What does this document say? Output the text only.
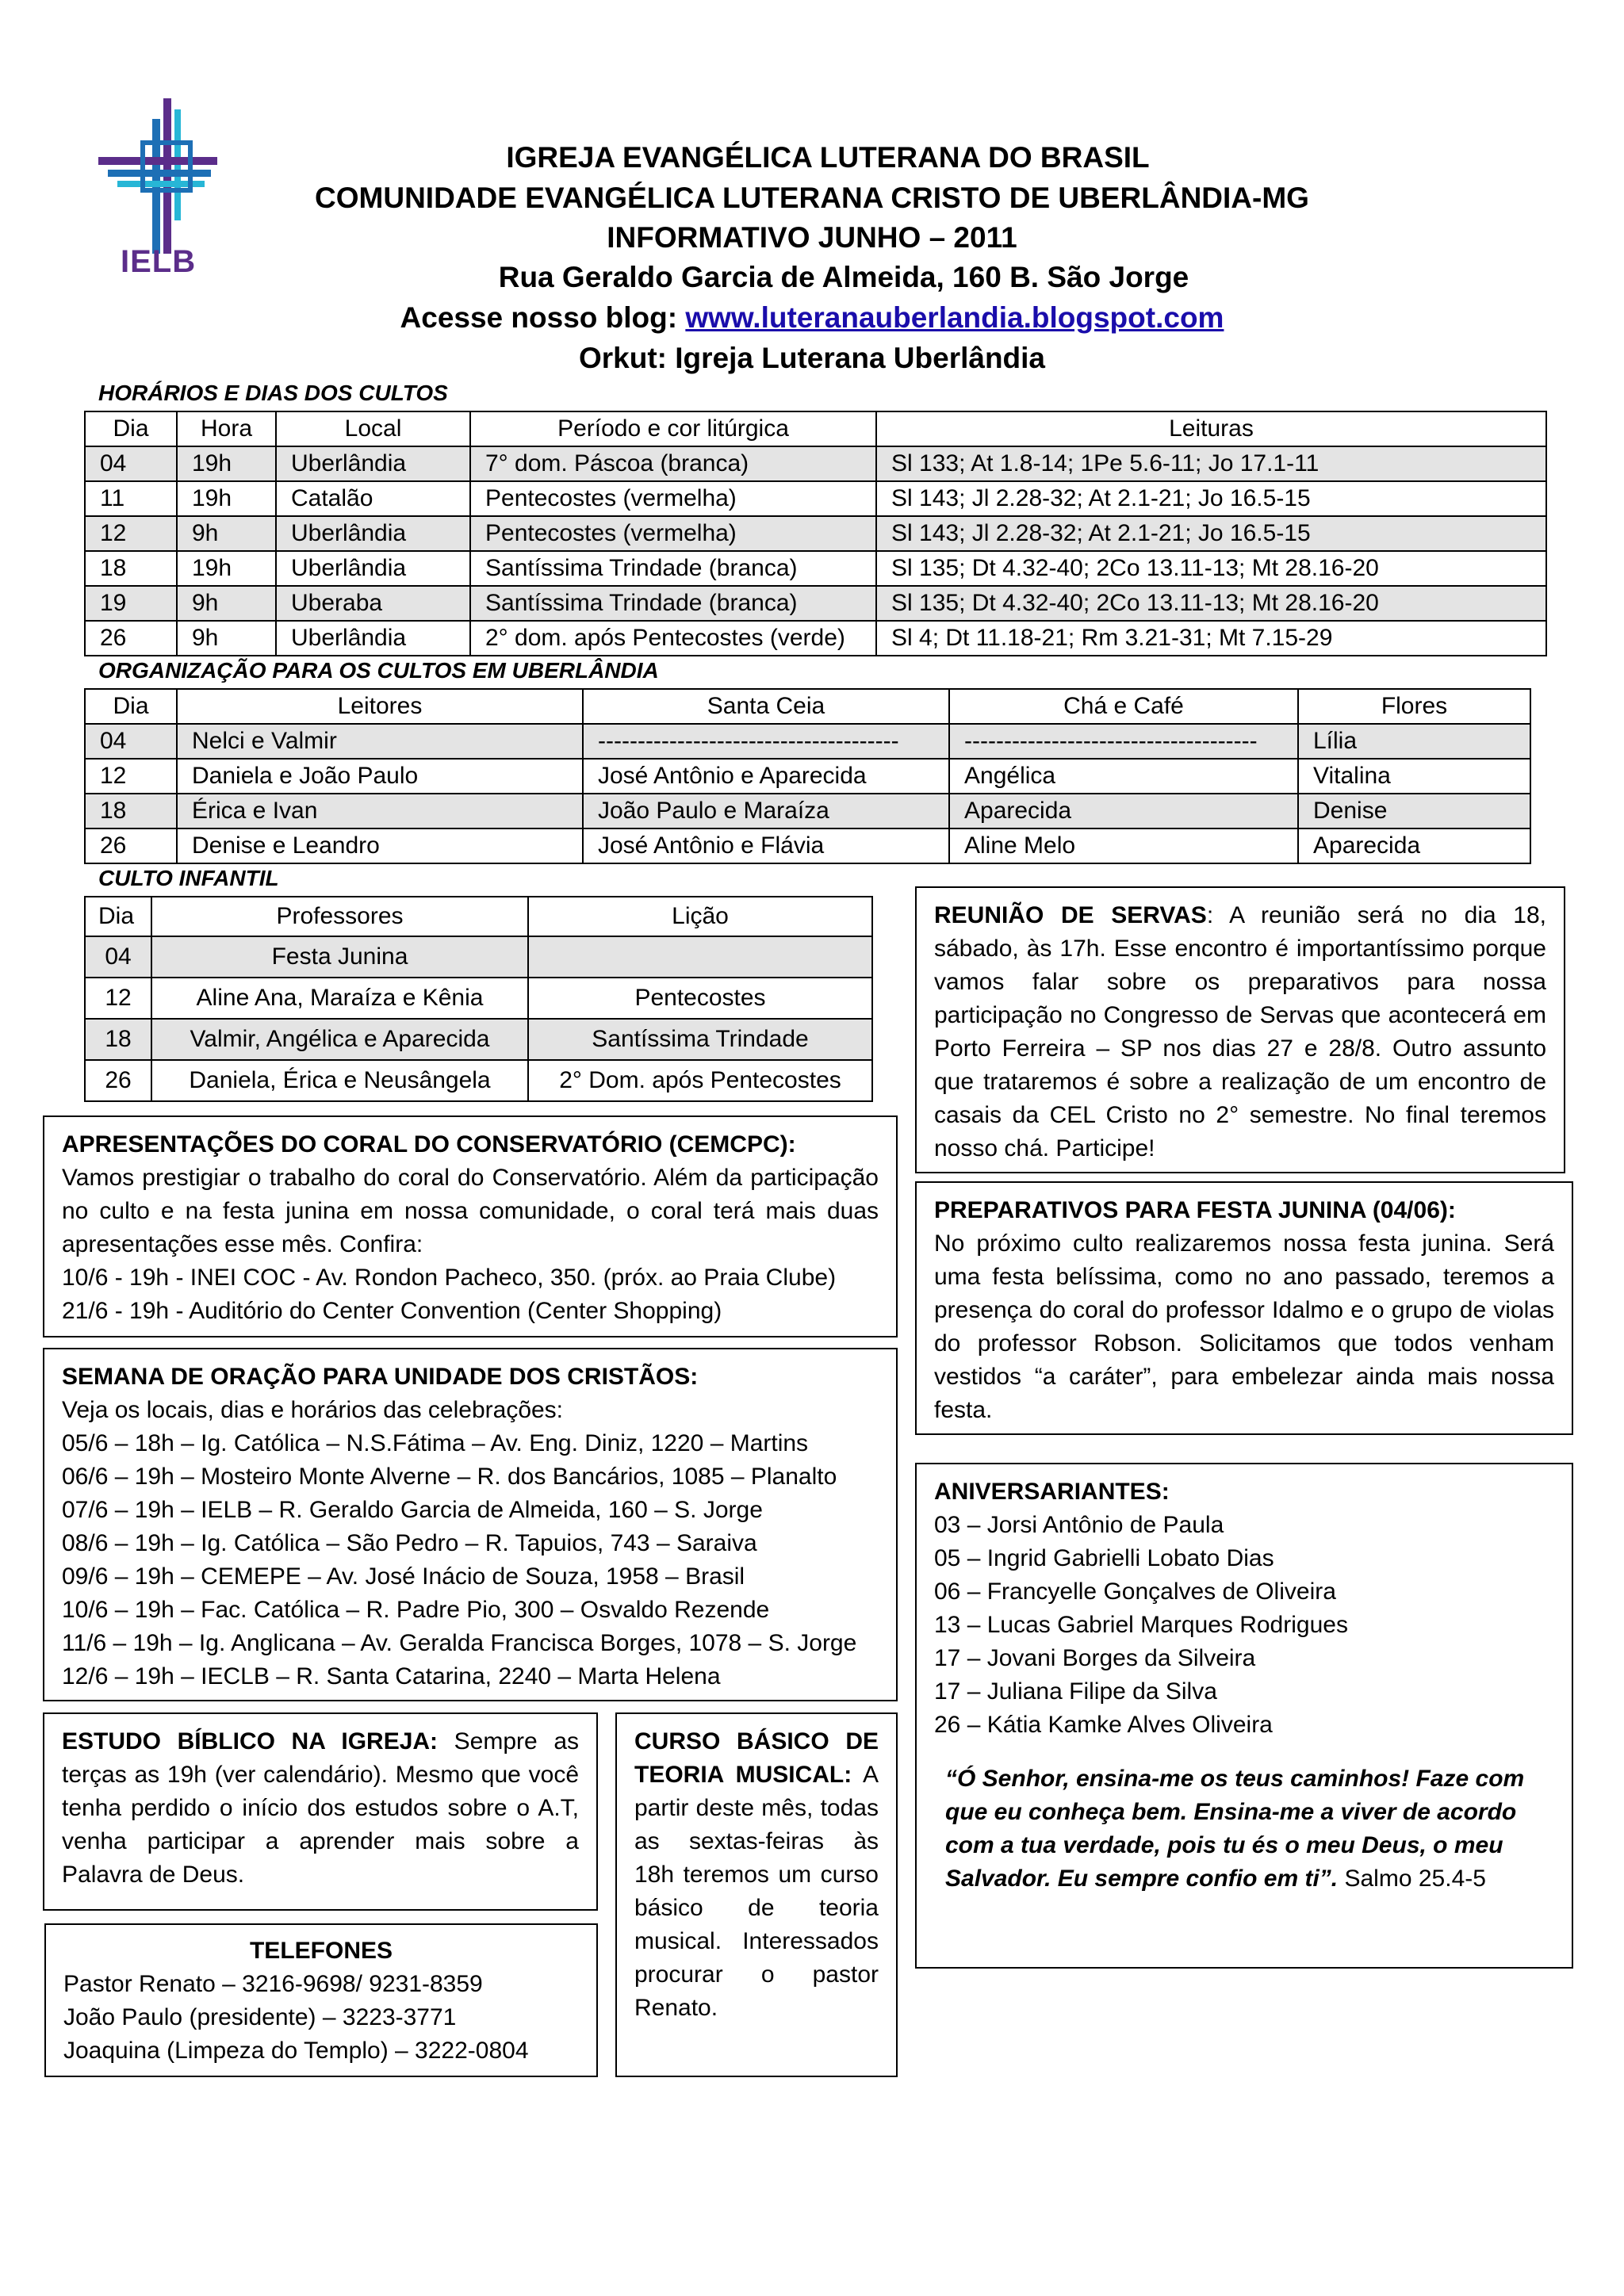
IELB
IGREJA EVANGÉLICA LUTERANA DO BRASIL
COMUNIDADE EVANGÉLICA LUTERANA CRISTO DE UBERLÂNDIA-MG
INFORMATIVO JUNHO – 2011
Rua Geraldo Garcia de Almeida, 160 B. São Jorge
Acesse nosso blog: www.luteranauberlandia.blogspot.com
Orkut: Igreja Luterana Uberlândia
HORÁRIOS E DIAS DOS CULTOS
Dia	Hora	Local	Período e cor litúrgica	Leituras
04	19h	Uberlândia	7° dom. Páscoa (branca)	Sl 133; At 1.8-14; 1Pe 5.6-11; Jo 17.1-11
11	19h	Catalão	Pentecostes (vermelha)	Sl 143; Jl 2.28-32; At 2.1-21; Jo 16.5-15
12	9h	Uberlândia	Pentecostes (vermelha)	Sl 143; Jl 2.28-32; At 2.1-21; Jo 16.5-15
18	19h	Uberlândia	Santíssima Trindade (branca)	Sl 135; Dt 4.32-40; 2Co 13.11-13; Mt 28.16-20
19	9h	Uberaba	Santíssima Trindade (branca)	Sl 135; Dt 4.32-40; 2Co 13.11-13; Mt 28.16-20
26	9h	Uberlândia	2° dom. após Pentecostes (verde)	Sl 4; Dt 11.18-21; Rm 3.21-31; Mt 7.15-29
ORGANIZAÇÃO PARA OS CULTOS EM UBERLÂNDIA
Dia	Leitores	Santa Ceia	Chá e Café	Flores
04	Nelci e Valmir	--------------------------------------	-------------------------------------	Lília
12	Daniela e João Paulo	José Antônio e Aparecida	Angélica	Vitalina
18	Érica e Ivan	João Paulo e Maraíza	Aparecida	Denise
26	Denise e Leandro	José Antônio e Flávia	Aline Melo	Aparecida
CULTO INFANTIL
Dia	Professores	Lição
04	Festa Junina	
12	Aline Ana, Maraíza e Kênia	Pentecostes
18	Valmir, Angélica e Aparecida	Santíssima Trindade
26	Daniela, Érica e Neusângela	2° Dom. após Pentecostes
REUNIÃO DE SERVAS: A reunião será no dia 18, sábado, às 17h. Esse encontro é importantíssimo porque vamos falar sobre os preparativos para nossa participação no Congresso de Servas que acontecerá em Porto Ferreira – SP nos dias 27 e 28/8. Outro assunto que trataremos é sobre a realização de um encontro de casais da CEL Cristo no 2° semestre. No final teremos nosso chá. Participe!
APRESENTAÇÕES DO CORAL DO CONSERVATÓRIO (CEMCPC):
Vamos prestigiar o trabalho do coral do Conservatório. Além da participação no culto e na festa junina em nossa comunidade, o coral terá mais duas apresentações esse mês. Confira:
10/6 - 19h - INEI COC - Av. Rondon Pacheco, 350. (próx. ao Praia Clube)
21/6 - 19h - Auditório do Center Convention (Center Shopping)
PREPARATIVOS PARA FESTA JUNINA (04/06):
No próximo culto realizaremos nossa festa junina. Será uma festa belíssima, como no ano passado, teremos a presença do coral do professor Idalmo e o grupo de violas do professor Robson. Solicitamos que todos venham vestidos “a caráter”, para embelezar ainda mais nossa festa.
SEMANA DE ORAÇÃO PARA UNIDADE DOS CRISTÃOS:
Veja os locais, dias e horários das celebrações:
05/6 – 18h – Ig. Católica – N.S.Fátima – Av. Eng. Diniz, 1220 – Martins
06/6 – 19h – Mosteiro Monte Alverne – R. dos Bancários, 1085 – Planalto
07/6 – 19h – IELB – R. Geraldo Garcia de Almeida, 160 – S. Jorge
08/6 – 19h – Ig. Católica – São Pedro – R. Tapuios, 743 – Saraiva
09/6 – 19h – CEMEPE – Av. José Inácio de Souza, 1958 – Brasil
10/6 – 19h – Fac. Católica – R. Padre Pio, 300 – Osvaldo Rezende
11/6 – 19h – Ig. Anglicana – Av. Geralda Francisca Borges, 1078 – S. Jorge
12/6 – 19h – IECLB – R. Santa Catarina, 2240 – Marta Helena
ANIVERSARIANTES:
03 – Jorsi Antônio de Paula
05 – Ingrid Gabrielli Lobato Dias
06 – Francyelle Gonçalves de Oliveira
13 – Lucas Gabriel Marques Rodrigues
17 – Jovani Borges da Silveira
17 – Juliana Filipe da Silva
26 – Kátia Kamke Alves Oliveira
“Ó Senhor, ensina-me os teus caminhos! Faze com que eu conheça bem. Ensina-me a viver de acordo com a tua verdade, pois tu és o meu Deus, o meu Salvador. Eu sempre confio em ti”. Salmo 25.4-5
ESTUDO BÍBLICO NA IGREJA: Sempre as terças as 19h (ver calendário). Mesmo que você tenha perdido o início dos estudos sobre o A.T, venha participar a aprender mais sobre a Palavra de Deus.
CURSO BÁSICO DE TEORIA MUSICAL: A partir deste mês, todas as sextas-feiras às 18h teremos um curso básico de teoria musical. Interessados procurar o pastor Renato.
TELEFONES
Pastor Renato – 3216-9698/ 9231-8359
João Paulo (presidente) – 3223-3771
Joaquina (Limpeza do Templo) – 3222-0804
